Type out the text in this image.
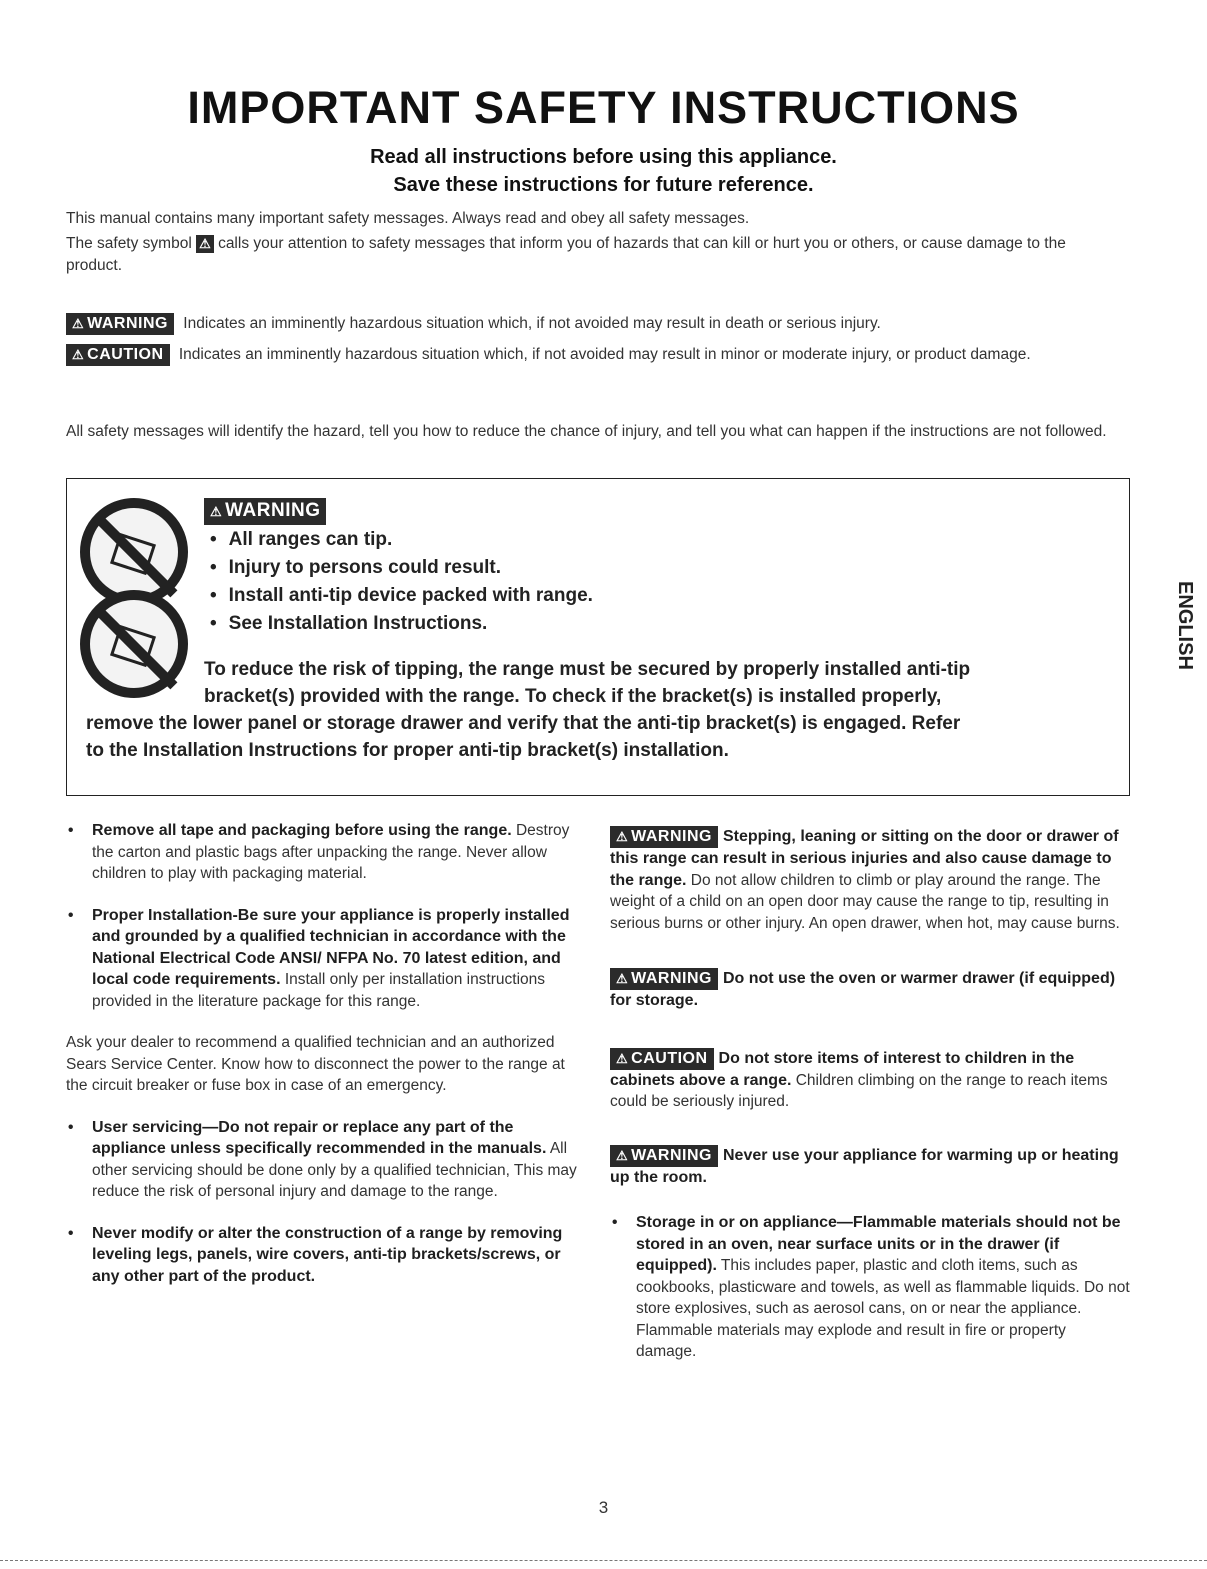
IMPORTANT SAFETY INSTRUCTIONS
Read all instructions before using this appliance.
Save these instructions for future reference.
This manual contains many important safety messages. Always read and obey all safety messages.
The safety symbol ⚠ calls your attention to safety messages that inform you of hazards that can kill or hurt you or others, or cause damage to the product.
⚠ WARNING Indicates an imminently hazardous situation which, if not avoided may result in death or serious injury.
⚠ CAUTION Indicates an imminently hazardous situation which, if not avoided may result in minor or moderate injury, or product damage.
All safety messages will identify the hazard, tell you how to reduce the chance of injury, and tell you what can happen if the instructions are not followed.
⚠ WARNING
• All ranges can tip.
• Injury to persons could result.
• Install anti-tip device packed with range.
• See Installation Instructions.
To reduce the risk of tipping, the range must be secured by properly installed anti-tip
bracket(s) provided with the range. To check if the bracket(s) is installed properly,
remove the lower panel or storage drawer and verify that the anti-tip bracket(s) is engaged. Refer
to the Installation Instructions for proper anti-tip bracket(s) installation.
ENGLISH
• Remove all tape and packaging before using the range. Destroy the carton and plastic bags after unpacking the range. Never allow children to play with packaging material.
• Proper Installation-Be sure your appliance is properly installed and grounded by a qualified technician in accordance with the National Electrical Code ANSI/ NFPA No. 70 latest edition, and local code requirements. Install only per installation instructions provided in the literature package for this range.
Ask your dealer to recommend a qualified technician and an authorized Sears Service Center. Know how to disconnect the power to the range at the circuit breaker or fuse box in case of an emergency.
• User servicing—Do not repair or replace any part of the appliance unless specifically recommended in the manuals. All other servicing should be done only by a qualified technician, This may reduce the risk of personal injury and damage to the range.
• Never modify or alter the construction of a range by removing leveling legs, panels, wire covers, anti-tip brackets/screws, or any other part of the product.
⚠ WARNING Stepping, leaning or sitting on the door or drawer of this range can result in serious injuries and also cause damage to the range. Do not allow children to climb or play around the range. The weight of a child on an open door may cause the range to tip, resulting in serious burns or other injury. An open drawer, when hot, may cause burns.
⚠ WARNING Do not use the oven or warmer drawer (if equipped) for storage.
⚠ CAUTION Do not store items of interest to children in the cabinets above a range. Children climbing on the range to reach items could be seriously injured.
⚠ WARNING Never use your appliance for warming up or heating up the room.
• Storage in or on appliance—Flammable materials should not be stored in an oven, near surface units or in the drawer (if equipped). This includes paper, plastic and cloth items, such as cookbooks, plasticware and towels, as well as flammable liquids. Do not store explosives, such as aerosol cans, on or near the appliance. Flammable materials may explode and result in fire or property damage.
3
